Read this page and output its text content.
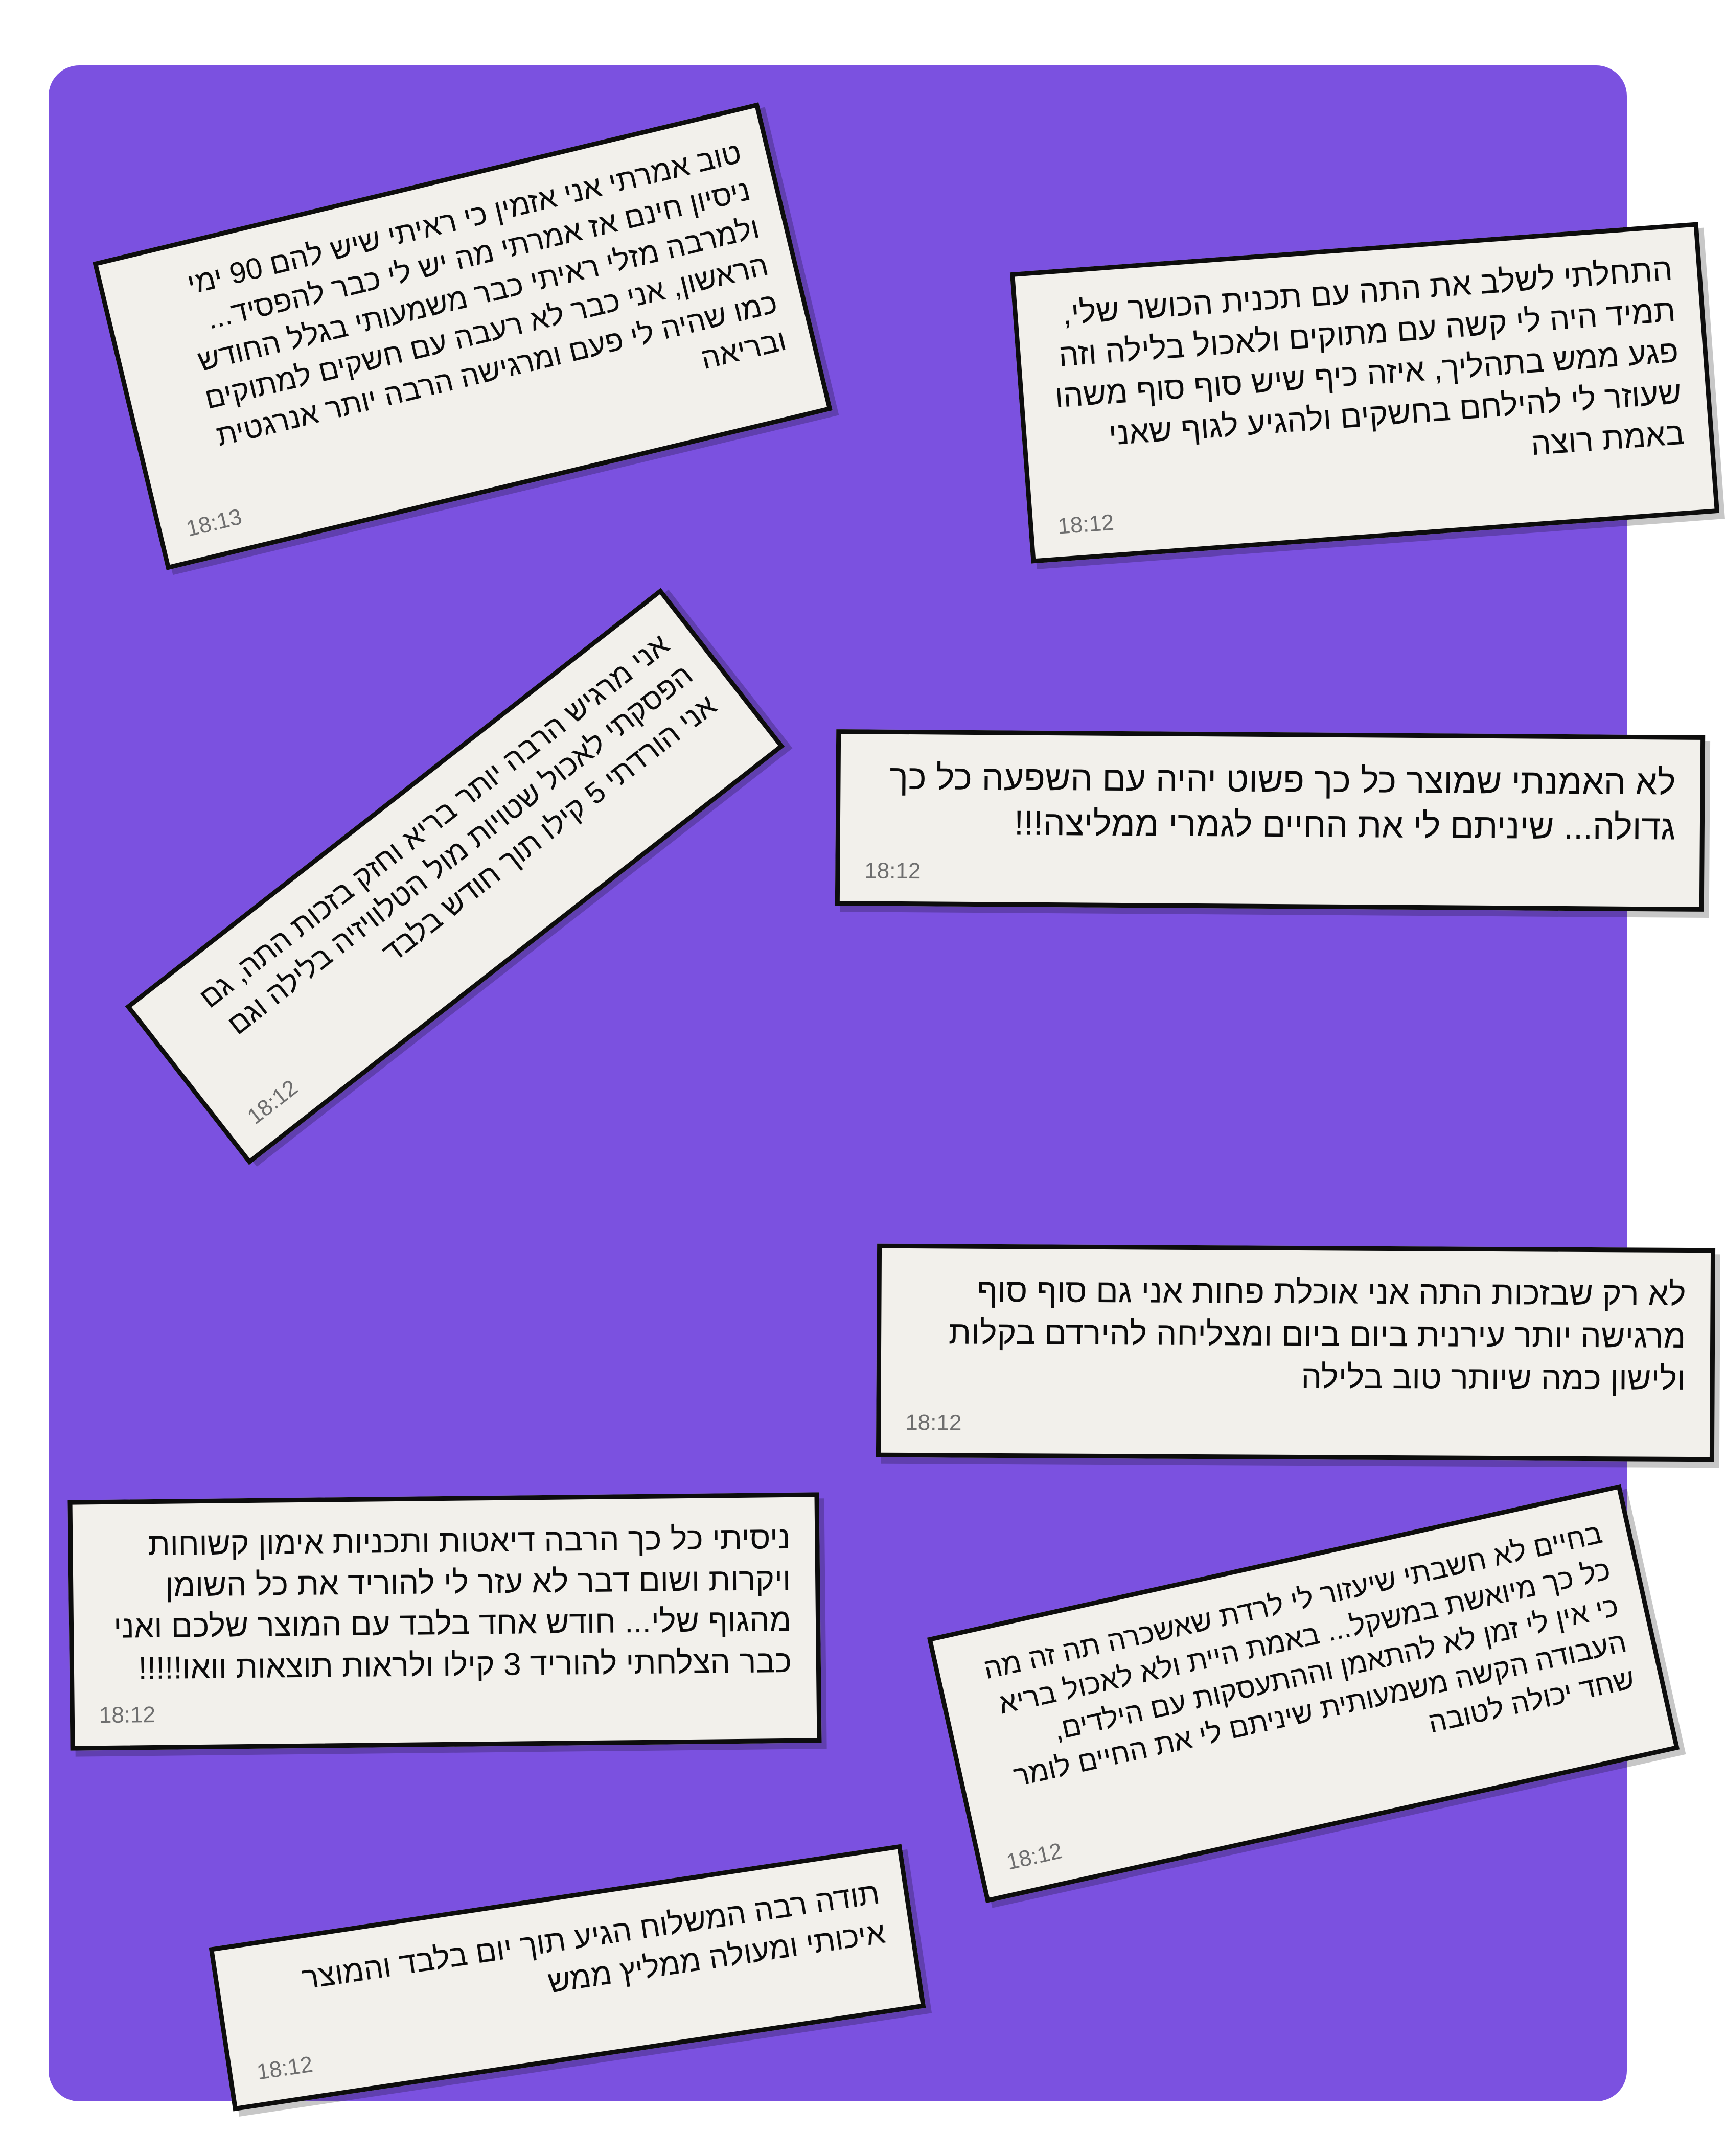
טוב אמרתי אני אזמין כי ראיתי שיש להם 90 ימי ניסיון חינם אז אמרתי מה יש לי כבר להפסיד... ולמרבה מזלי ראיתי כבר משמעותי בגלל החודש הראשון, אני כבר לא רעבה עם חשקים למתוקים כמו שהיה לי פעם ומרגישה הרבה יותר אנרגטית ובריאה
18:13
התחלתי לשלב את התה עם תכנית הכושר שלי, תמיד היה לי קשה עם מתוקים ולאכול בלילה וזה פגע ממש בתהליך, איזה כיף שיש סוף סוף משהו שעוזר לי להילחם בחשקים ולהגיע לגוף שאני באמת רוצה
18:12
לא האמנתי שמוצר כל כך פשוט יהיה עם השפעה כל כך גדולה... שיניתם לי את החיים לגמרי ממליצה!!!
18:12
אני מרגיש הרבה יותר בריא וחזק בזכות התה, גם הפסקתי לאכול שטויות מול הטלוויזיה בלילה וגם אני הורדתי 5 קילו תוך חודש בלבד
18:12
לא רק שבזכות התה אני אוכלת פחות אני גם סוף סוף מרגישה יותר עירנית ביום ביום ומצליחה להירדם בקלות ולישון כמה שיותר טוב בלילה
18:12
ניסיתי כל כך הרבה דיאטות ותכניות אימון קשוחות ויקרות ושום דבר לא עזר לי להוריד את כל השומן מהגוף שלי... חודש אחד בלבד עם המוצר שלכם ואני כבר הצלחתי להוריד 3 קילו ולראות תוצאות וואו!!!!!
18:12
בחיים לא חשבתי שיעזור לי לרדת שאשכרה תה זה מה כל כך מיואשת במשקל... באמת היית ולא לאכול בריא כי אין לי זמן לא להתאמן וההתעסקות עם הילדים, העבודה הקשה משמעותית שיניתם לי את החיים לומר שחד יכולה לטובה
18:12
תודה רבה המשלוח הגיע תוך יום בלבד והמוצר איכותי ומעולה ממליץ ממש
18:12
